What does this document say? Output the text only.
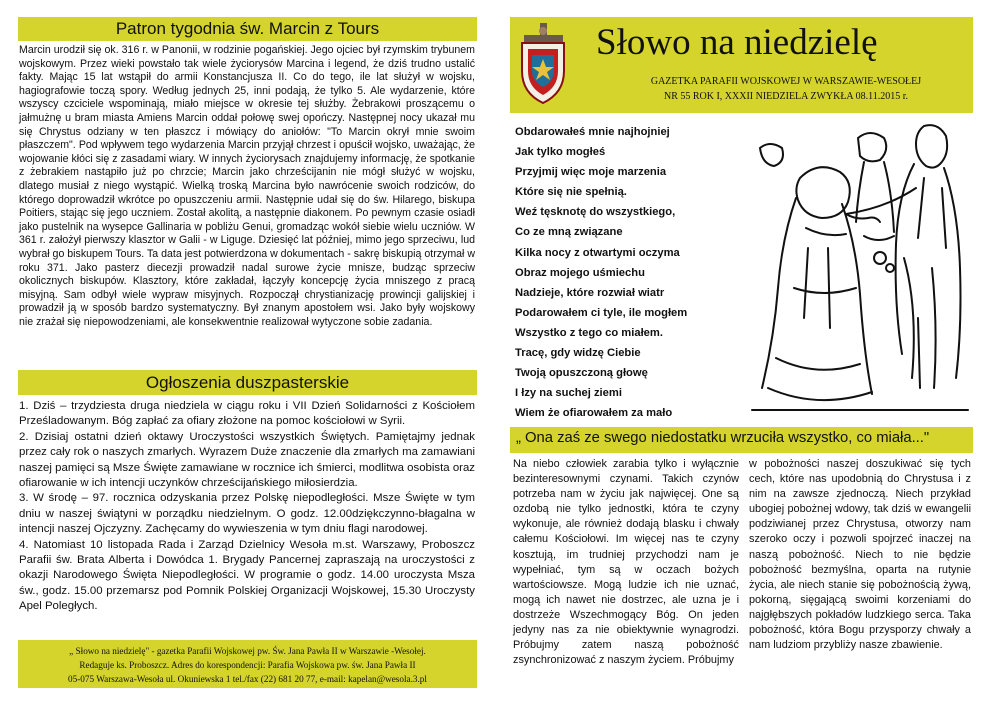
Patron tygodnia św. Marcin z Tours
Marcin urodził się ok. 316 r. w Panonii, w rodzinie pogańskiej. Jego ojciec był rzymskim trybunem wojskowym. Przez wieki powstało tak wiele życiorysów Marcina i legend, że dziś trudno ustalić fakty. Mając 15 lat wstąpił do armii Konstancjusza II. Co do tego, ile lat służył w wojsku, hagiografowie toczą spory. Według jednych 25, inni podają, że tylko 5. Ale wydarzenie, które wszyscy czciciele wspominają, miało miejsce w okresie tej służby. Żebrakowi proszącemu o jałmużnę u bram miasta Amiens Marcin oddał połowę swej opończy. Następnej nocy ukazał mu się Chrystus odziany w ten płaszcz i mówiący do aniołów: "To Marcin okrył mnie swoim płaszczem". Pod wpływem tego wydarzenia Marcin przyjął chrzest i opuścił wojsko, uważając, że wojowanie kłóci się z zasadami wiary. W innych życiorysach znajdujemy informację, że spotkanie z żebrakiem nastąpiło już po chrzcie; Marcin jako chrześcijanin nie mógł służyć w wojsku, dlatego musiał z niego wystąpić. Wielką troską Marcina było nawrócenie swoich rodziców, do którego doprowadził wkrótce po opuszczeniu armii. Następnie udał się do św. Hilarego, biskupa Poitiers, stając się jego uczniem. Został akolitą, a następnie diakonem. Po pewnym czasie osiadł jako pustelnik na wysepce Gallinaria w pobliżu Genui, gromadząc wokół siebie wielu uczniów. W 361 r. założył pierwszy klasztor w Galii - w Liguge. Dziesięć lat później, mimo jego sprzeciwu, lud wybrał go biskupem Tours. Ta data jest potwierdzona w dokumentach - sakrę biskupią otrzymał w roku 371. Jako pasterz diecezji prowadził nadal surowe życie mnisze, budząc sprzeciw okolicznych biskupów. Klasztory, które zakładał, łączyły koncepcję życia mniszego z pracą misyjną. Sam odbył wiele wypraw misyjnych. Rozpoczął chrystianizację prowincji galijskiej i prowadził ją w sposób bardzo systematyczny. Był znanym apostołem wsi. Jako były wojskowy nie zrażał się niepowodzeniami, ale konsekwentnie realizował wytyczone sobie zadania.
Ogłoszenia duszpasterskie

1. Dziś – trzydziesta druga niedziela w ciągu roku i VII Dzień Solidarności z Kościołem Prześladowanym. Bóg zapłać za ofiary złożone na pomoc kościołowi w Syrii.

2. Dzisiaj ostatni dzień oktawy Uroczystości wszystkich Świętych. Pamiętajmy jednak przez cały rok o naszych zmarłych. Wyrazem Duże znaczenie dla zmarłych ma zamawiani naszej pamięci są Msze Święte zamawiane w rocznice ich śmierci, modlitwa osobista oraz ofiarowanie w ich intencji uczynków chrześcijańskiego miłosierdzia.

3. W środę – 97. rocznica odzyskania przez Polskę niepodległości. Msze Święte w tym dniu w naszej świątyni w porządku niedzielnym. O godz. 12.00dziękczynno-błagalna w intencji naszej Ojczyzny. Zachęcamy do wywieszenia w tym dniu flagi narodowej.

4. Natomiast 10 listopada Rada i Zarząd Dzielnicy Wesoła m.st. Warszawy, Proboszcz Parafii św. Brata Alberta i Dowódca 1. Brygady Pancernej zapraszają na uroczystości z okazji Narodowego Święta Niepodległości. W programie o godz. 14.00 uroczysta Msza św., godz. 15.00 przemarsz pod Pomnik Polskiej Organizacji Wojskowej, 15.30 Uroczysty Apel Poległych.

„ Słowo na niedzielę" - gazetka Parafii Wojskowej pw. Św. Jana Pawła II w Warszawie -Wesołej.
Redaguje ks. Proboszcz. Adres do korespondencji: Parafia Wojskowa pw. św. Jana Pawła II
05-075 Warszawa-Wesoła ul. Okuniewska 1 tel./fax (22) 681 20 77, e-mail: kapelan@wesola.3.pl
Słowo na niedzielę
GAZETKA PARAFII WOJSKOWEJ W WARSZAWIE-WESOŁEJ
NR 55 ROK I, XXXII NIEDZIELA ZWYKŁA 08.11.2015 r.
Obdarowałeś mnie najhojniej
Jak tylko mogłeś
Przyjmij więc moje marzenia
Które się nie spełnią.
Weź tęsknotę do wszystkiego,
Co ze mną związane
Kilka nocy z otwartymi oczyma
Obraz mojego uśmiechu
Nadzieje, które rozwiał wiatr
Podarowałem ci tyle, ile mogłem
Wszystko z tego co miałem.
Tracę, gdy widzę Ciebie
Twoją opuszczoną głowę
I łzy na suchej ziemi
Wiem że ofiarowałem za mało
„ Ona zaś ze swego niedostatku wrzuciła wszystko, co miała..."
Na niebo człowiek zarabia tylko i wyłącznie bezinteresownymi czynami. Takich czynów potrzeba nam w życiu jak najwięcej. One są ozdobą nie tylko jednostki, która te czyny wykonuje, ale również dodają blasku i chwały całemu Kościołowi. Im więcej nas te czyny kosztują, im trudniej przychodzi nam je wypełniać, tym są w oczach bożych wartościowsze. Mogą ludzie ich nie uznać, mogą ich nawet nie dostrzec, ale uzna je i dostrzeże Wszechmogący Bóg. On jeden jedyny nas za nie obiektywnie wynagrodzi. Próbujmy zatem naszą pobożność zsynchronizować z naszym życiem. Próbujmy
w pobożności naszej doszukiwać się tych cech, które nas upodobnią do Chrystusa i z nim na zawsze zjednoczą. Niech przykład ubogiej pobożnej wdowy, tak dziś w ewangelii podziwianej przez Chrystusa, otworzy nam szeroko oczy i pozwoli spojrzeć inaczej na naszą pobożność. Niech to nie będzie pobożność bezmyślna, oparta na rutynie życia, ale niech stanie się pobożnością żywą, pokorną, sięgającą swoimi korzeniami do najgłębszych pokładów ludzkiego serca. Taka pobożność, która Bogu przysporzy chwały a nam ludziom przybliży nasze zbawienie.
